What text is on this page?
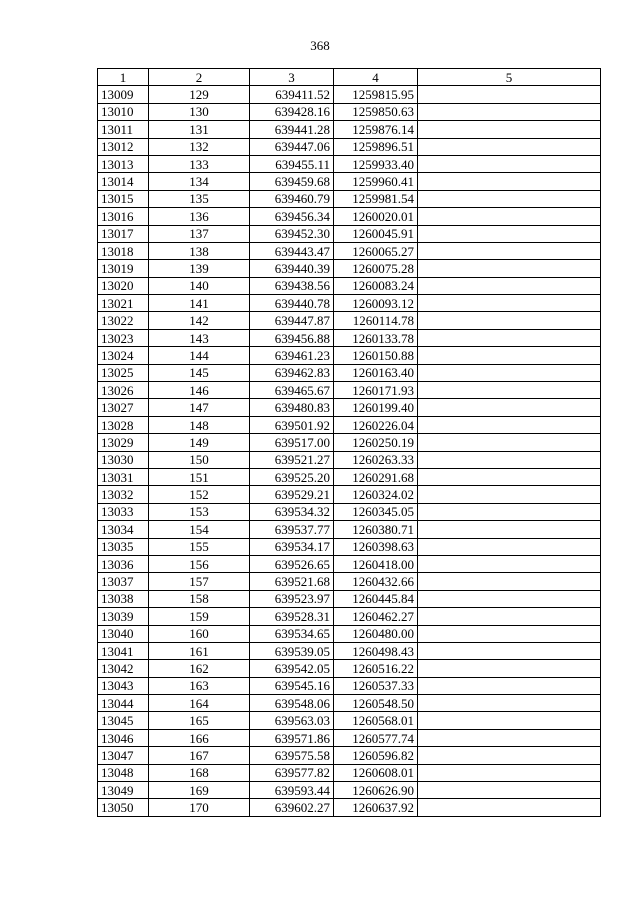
368
1	2	3	4	5
13009	129	639411.52	1259815.95	
13010	130	639428.16	1259850.63	
13011	131	639441.28	1259876.14	
13012	132	639447.06	1259896.51	
13013	133	639455.11	1259933.40	
13014	134	639459.68	1259960.41	
13015	135	639460.79	1259981.54	
13016	136	639456.34	1260020.01	
13017	137	639452.30	1260045.91	
13018	138	639443.47	1260065.27	
13019	139	639440.39	1260075.28	
13020	140	639438.56	1260083.24	
13021	141	639440.78	1260093.12	
13022	142	639447.87	1260114.78	
13023	143	639456.88	1260133.78	
13024	144	639461.23	1260150.88	
13025	145	639462.83	1260163.40	
13026	146	639465.67	1260171.93	
13027	147	639480.83	1260199.40	
13028	148	639501.92	1260226.04	
13029	149	639517.00	1260250.19	
13030	150	639521.27	1260263.33	
13031	151	639525.20	1260291.68	
13032	152	639529.21	1260324.02	
13033	153	639534.32	1260345.05	
13034	154	639537.77	1260380.71	
13035	155	639534.17	1260398.63	
13036	156	639526.65	1260418.00	
13037	157	639521.68	1260432.66	
13038	158	639523.97	1260445.84	
13039	159	639528.31	1260462.27	
13040	160	639534.65	1260480.00	
13041	161	639539.05	1260498.43	
13042	162	639542.05	1260516.22	
13043	163	639545.16	1260537.33	
13044	164	639548.06	1260548.50	
13045	165	639563.03	1260568.01	
13046	166	639571.86	1260577.74	
13047	167	639575.58	1260596.82	
13048	168	639577.82	1260608.01	
13049	169	639593.44	1260626.90	
13050	170	639602.27	1260637.92	
